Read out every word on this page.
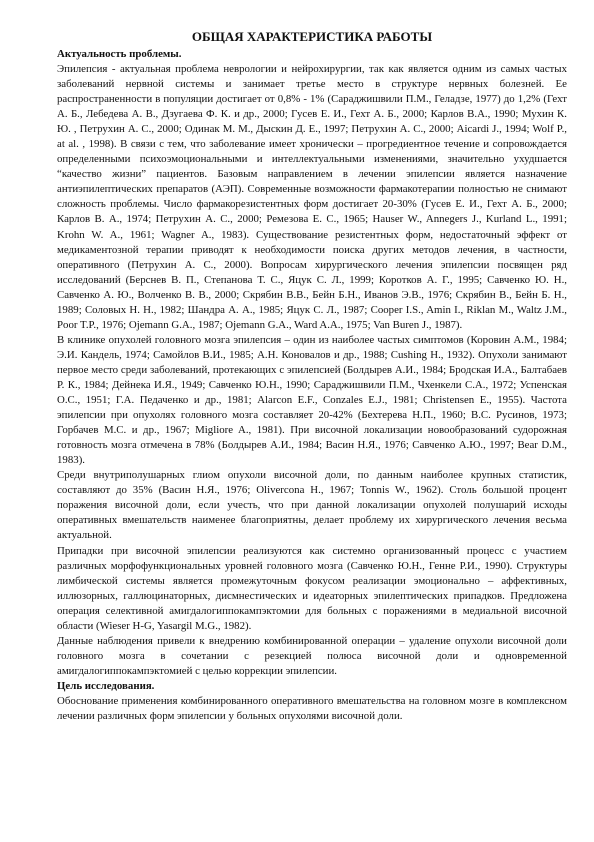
ОБЩАЯ ХАРАКТЕРИСТИКА РАБОТЫ
Актуальность проблемы.

Эпилепсия - актуальная проблема неврологии и нейрохирургии, так как является одним из самых частых заболеваний нервной системы и занимает третье место в структуре нервных болезней. Ее распространенности в популяции достигает от 0,8% - 1% (Сараджишвили П.М., Геладзе, 1977) до 1,2% (Гехт А. Б., Лебедева А. В., Дзугаева Ф. К. и др., 2000; Гусев Е. И., Гехт А. Б., 2000; Карлов В.А., 1990; Мухин К. Ю. , Петрухин А. С., 2000; Одинак М. М., Дыскин Д. Е., 1997; Петрухин А. С., 2000; Aicardi J., 1994; Wolf P., at al. , 1998). В связи с тем, что заболевание имеет хронически – прогредиентное течение и сопровождается определенными психоэмоциональными и интеллектуальными изменениями, значительно ухудшается “качество жизни” пациентов. Базовым направлением в лечении эпилепсии является назначение антиэпилептических препаратов (АЭП). Современные возможности фармакотерапии полностью не снимают сложность проблемы. Число фармакорезистентных форм достигает 20-30% (Гусев Е. И., Гехт А. Б., 2000; Карлов В. А., 1974; Петрухин А. С., 2000; Ремезова Е. С., 1965; Hauser W., Annegers J., Kurland L., 1991; Krohn W. A., 1961; Wagner A., 1983). Существование резистентных форм, недостаточный эффект от медикаментозной терапии приводят к необходимости поиска других методов лечения, в частности, оперативного (Петрухин А. С., 2000). Вопросам хирургического лечения эпилепсии посвящен ряд исследований (Берснев В. П., Степанова Т. С., Яцук С. Л., 1999; Коротков А. Г., 1995; Савченко Ю. Н., Савченко А. Ю., Волченко В. В., 2000; Скрябин В.В., Бейн Б.Н., Иванов Э.В., 1976; Скрябин В., Бейн Б. Н., 1989; Соловых Н. Н., 1982; Шандра А. А., 1985; Яцук С. Л., 1987; Cooper I.S., Amin I., Riklan M., Waltz J.M., Poor T.P., 1976; Ojemann G.A., 1987; Ojemann G.A., Ward A.A., 1975; Van Buren J., 1987).

В клинике опухолей головного мозга эпилепсия – один из наиболее частых симптомов (Коровин А.М., 1984; Э.И. Кандель, 1974; Самойлов В.И., 1985; А.Н. Коновалов и др., 1988; Cushing H., 1932). Опухоли занимают первое место среди заболеваний, протекающих с эпилепсией (Болдырев А.И., 1984; Бродская И.А., Балтабаев Р. К., 1984; Дейнека И.Я., 1949; Савченко Ю.Н., 1990; Сараджишвили П.М., Чхенкели С.А., 1972; Успенская О.С., 1951; Г.А. Педаченко и др., 1981; Alarcon E.F., Conzales E.J., 1981; Christensen E., 1955). Частота эпилепсии при опухолях головного мозга составляет 20-42% (Бехтерева Н.П., 1960; В.С. Русинов, 1973; Горбачев М.С. и др., 1967; Migliore A., 1981). При височной локализации новообразований судорожная готовность мозга отмечена в 78% (Болдырев А.И., 1984; Васин Н.Я., 1976; Савченко А.Ю., 1997; Bear D.M., 1983).

Среди внутриполушарных глиом опухоли височной доли, по данным наиболее крупных статистик, составляют до 35% (Васин Н.Я., 1976; Olivercona H., 1967; Tonnis W., 1962). Столь большой процент поражения височной доли, если учесть, что при данной локализации опухолей полушарий исходы оперативных вмешательств наименее благоприятны, делает проблему их хирургического лечения весьма актуальной.

Припадки при височной эпилепсии реализуются как системно организованный процесс с участием различных морфофункциональных уровней головного мозга (Савченко Ю.Н., Генне Р.И., 1990). Структуры лимбической системы является промежуточным фокусом реализации эмоционально – аффективных, иллюзорных, галлюцинаторных, дисмнестических и идеаторных эпилептических припадков. Предложена операция селективной амигдалогиппокампэктомии для больных с поражениями в медиальной височной области (Wieser H-G, Yasargil M.G., 1982).

Данные наблюдения привели к внедрению комбинированной операции – удаление опухоли височной доли головного мозга в сочетании с резекцией полюса височной доли и одновременной амигдалогиппокампэктомией с целью коррекции эпилепсии.

Цель исследования.

Обоснование применения комбинированного оперативного вмешательства на головном мозге в комплексном лечении различных форм эпилепсии у больных опухолями височной доли.
